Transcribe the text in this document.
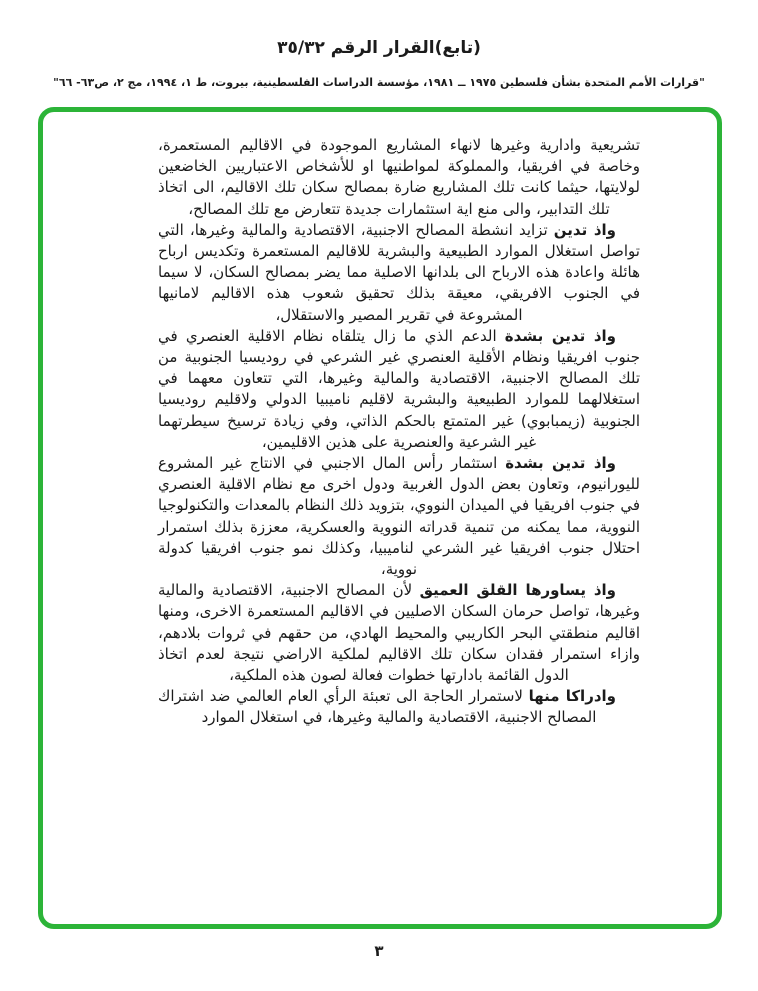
(تابع)القرار الرقم ٣٥/٣٢
"قرارات الأمم المتحدة بشأن فلسطين ١٩٧٥ ــ ١٩٨١، مؤسسة الدراسات الفلسطينية، بيروت، ط ١، ١٩٩٤، مج ٢، ص٦٣- ٦٦"

تشريعية وادارية وغيرها لانهاء المشاريع الموجودة في الاقاليم المستعمرة، وخاصة في افريقيا، والمملوكة لمواطنيها او للأشخاص الاعتباريين الخاضعين لولايتها، حيثما كانت تلك المشاريع ضارة بمصالح سكان تلك الاقاليم، الى اتخاذ تلك التدابير، والى منع اية استثمارات جديدة تتعارض مع تلك المصالح،

واذ تدين تزايد انشطة المصالح الاجنبية، الاقتصادية والمالية وغيرها، التي تواصل استغلال الموارد الطبيعية والبشرية للاقاليم المستعمرة وتكديس ارباح هائلة واعادة هذه الارباح الى بلدانها الاصلية مما يضر بمصالح السكان، لا سيما في الجنوب الافريقي، معيقة بذلك تحقيق شعوب هذه الاقاليم لامانيها المشروعة في تقرير المصير والاستقلال،

واذ تدين بشدة الدعم الذي ما زال يتلقاه نظام الاقلية العنصري في جنوب افريقيا ونظام الأقلية العنصري غير الشرعي في روديسيا الجنوبية من تلك المصالح الاجنبية، الاقتصادية والمالية وغيرها، التي تتعاون معهما في استغلالهما للموارد الطبيعية والبشرية لاقليم ناميبيا الدولي ولاقليم روديسيا الجنوبية (زيمبابوي) غير المتمتع بالحكم الذاتي، وفي زيادة ترسيخ سيطرتهما غير الشرعية والعنصرية على هذين الاقليمين،

واذ تدين بشدة استثمار رأس المال الاجنبي في الانتاج غير المشروع لليورانيوم، وتعاون بعض الدول الغربية ودول اخرى مع نظام الاقلية العنصري في جنوب افريقيا في الميدان النووي، بتزويد ذلك النظام بالمعدات والتكنولوجيا النووية، مما يمكنه من تنمية قدراته النووية والعسكرية، معززة بذلك استمرار احتلال جنوب افريقيا غير الشرعي لناميبيا، وكذلك نمو جنوب افريقيا كدولة نووية،

واذ يساورها القلق العميق لأن المصالح الاجنبية، الاقتصادية والمالية وغيرها، تواصل حرمان السكان الاصليين في الاقاليم المستعمرة الاخرى، ومنها اقاليم منطقتي البحر الكاريبي والمحيط الهادي، من حقهم في ثروات بلادهم، وازاء استمرار فقدان سكان تلك الاقاليم لملكية الاراضي نتيجة لعدم اتخاذ الدول القائمة بادارتها خطوات فعالة لصون هذه الملكية،

وادراكا منها لاستمرار الحاجة الى تعبئة الرأي العام العالمي ضد اشتراك المصالح الاجنبية، الاقتصادية والمالية وغيرها، في استغلال الموارد

٣
